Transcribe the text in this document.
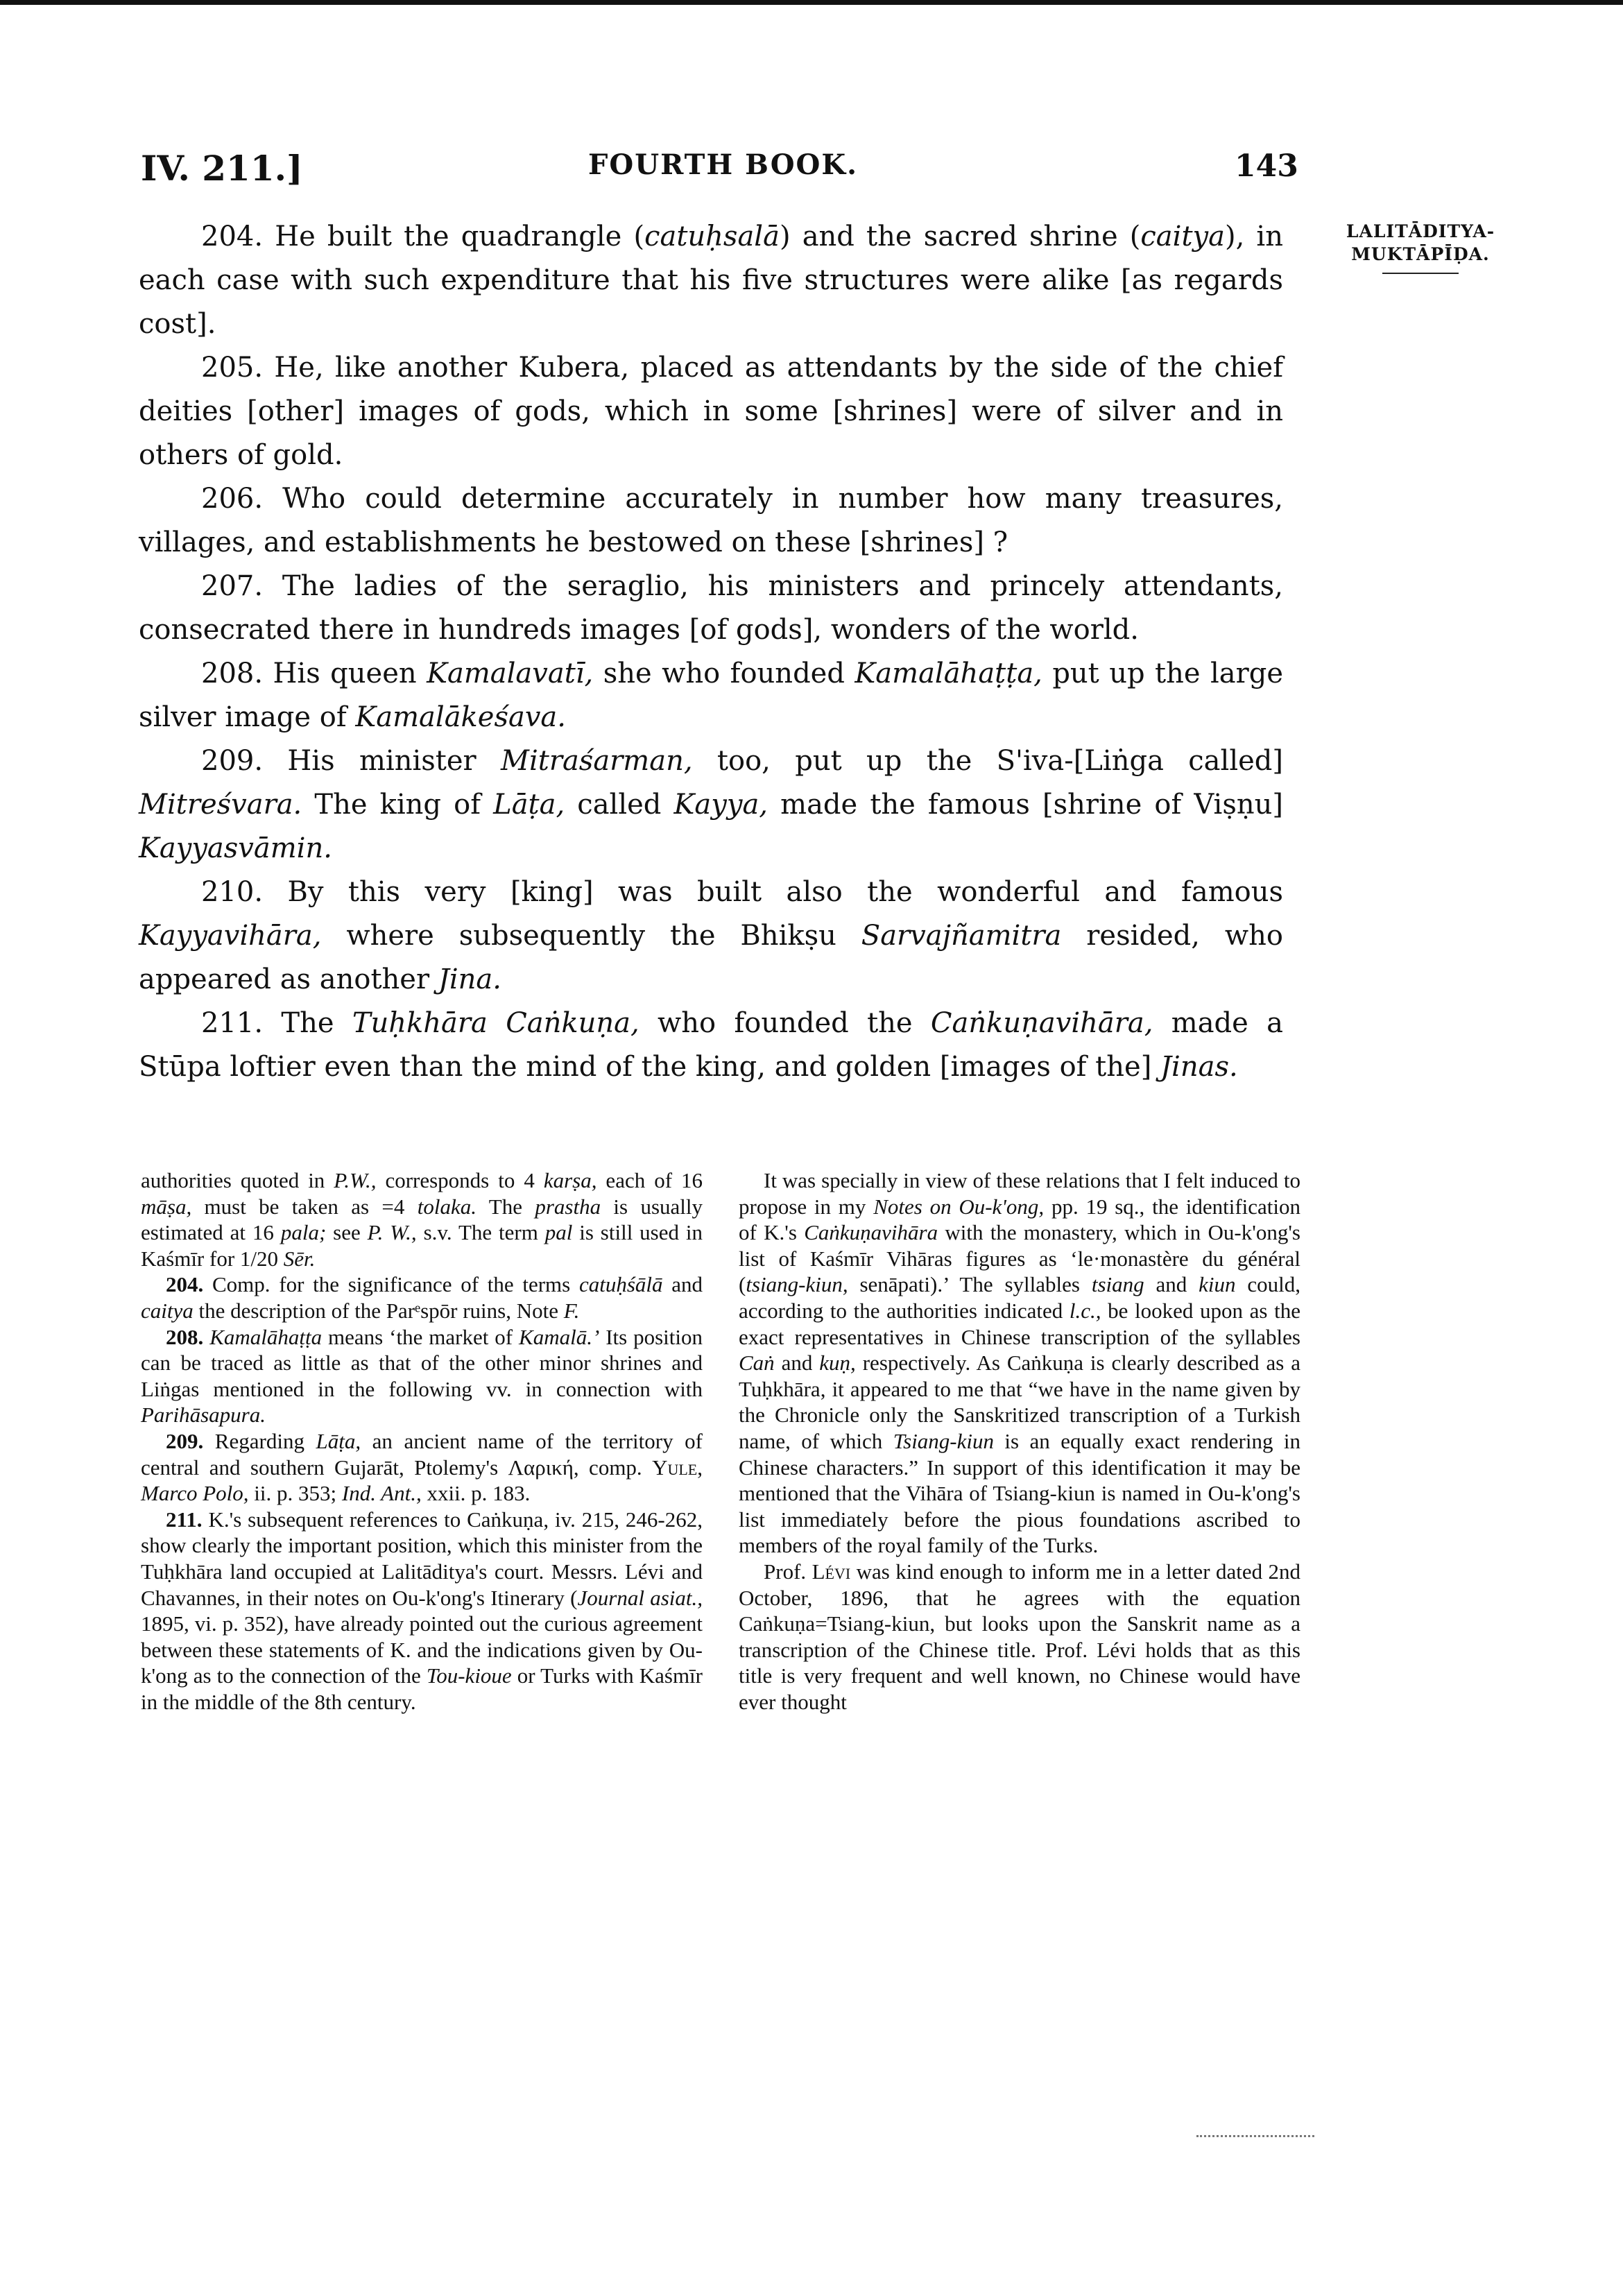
IV. 211.]	FOURTH BOOK.	143
LALITĀDITYA-
MUKTĀPĪḌA.

204. He built the quadrangle (catuḥsalā) and the sacred shrine (caitya), in each case with such expenditure that his five structures were alike [as regards cost].

205. He, like another Kubera, placed as attendants by the side of the chief deities [other] images of gods, which in some [shrines] were of silver and in others of gold.

206. Who could determine accurately in number how many treasures, villages, and establishments he bestowed on these [shrines] ?

207. The ladies of the seraglio, his ministers and princely attendants, consecrated there in hundreds images [of gods], wonders of the world.

208. His queen Kamalavatī, she who founded Kamalāhaṭṭa, put up the large silver image of Kamalākeśava.

209. His minister Mitraśarman, too, put up the S'iva-[Liṅga called] Mitreśvara. The king of Lāṭa, called Kayya, made the famous [shrine of Viṣṇu] Kayyasvāmin.

210. By this very [king] was built also the wonderful and famous Kayyavihāra, where subsequently the Bhikṣu Sarvajñamitra resided, who appeared as another Jina.

211. The Tuḥkhāra Caṅkuṇa, who founded the Caṅkuṇavihāra, made a Stūpa loftier even than the mind of the king, and golden [images of the] Jinas.

authorities quoted in P.W., corresponds to 4 karṣa, each of 16 māṣa, must be taken as =4 tolaka. The prastha is usually estimated at 16 pala; see P. W., s.v. The term pal is still used in Kaśmīr for 1/20 Sēr.

204. Comp. for the significance of the terms catuḥśālā and caitya the description of the Parᵉspōr ruins, Note F.

208. Kamalāhaṭṭa means ‘the market of Kamalā.’ Its position can be traced as little as that of the other minor shrines and Liṅgas mentioned in the following vv. in connection with Parihāsapura.

209. Regarding Lāṭa, an ancient name of the territory of central and southern Gujarāt, Ptolemy's Λαρική, comp. Yule, Marco Polo, ii. p. 353; Ind. Ant., xxii. p. 183.

211. K.'s subsequent references to Caṅkuṇa, iv. 215, 246-262, show clearly the important position, which this minister from the Tuḥkhāra land occupied at Lalitāditya's court. Messrs. Lévi and Chavannes, in their notes on Ou-k'ong's Itinerary (Journal asiat., 1895, vi. p. 352), have already pointed out the curious agreement between these statements of K. and the indications given by Ou-k'ong as to the connection of the Tou-kioue or Turks with Kaśmīr in the middle of the 8th century.

It was specially in view of these relations that I felt induced to propose in my Notes on Ou-k'ong, pp. 19 sq., the identification of K.'s Caṅkuṇavihāra with the monastery, which in Ou-k'ong's list of Kaśmīr Vihāras figures as ‘le·monastère du général (tsiang-kiun, senāpati).’ The syllables tsiang and kiun could, according to the authorities indicated l.c., be looked upon as the exact representatives in Chinese transcription of the syllables Caṅ and kuṇ, respectively. As Caṅkuṇa is clearly described as a Tuḥkhāra, it appeared to me that “we have in the name given by the Chronicle only the Sanskritized transcription of a Turkish name, of which Tsiang-kiun is an equally exact rendering in Chinese characters.” In support of this identification it may be mentioned that the Vihāra of Tsiang-kiun is named in Ou-k'ong's list immediately before the pious foundations ascribed to members of the royal family of the Turks.

Prof. Lévi was kind enough to inform me in a letter dated 2nd October, 1896, that he agrees with the equation Caṅkuṇa=Tsiang-kiun, but looks upon the Sanskrit name as a transcription of the Chinese title. Prof. Lévi holds that as this title is very frequent and well known, no Chinese would have ever thought
